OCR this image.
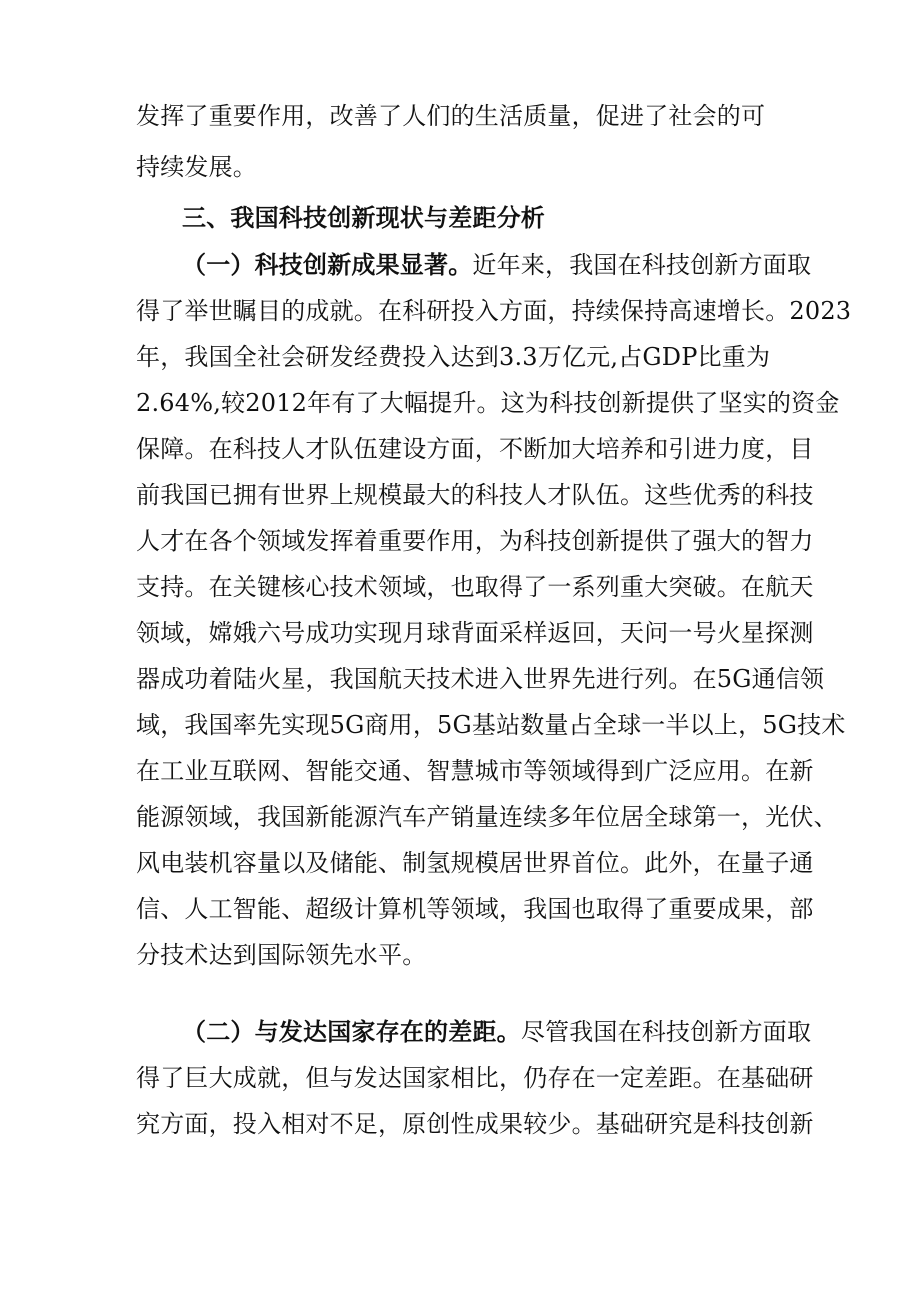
发挥了重要作用，改善了人们的生活质量，促进了社会的可
持续发展。
三、我国科技创新现状与差距分析
（一）科技创新成果显著。近年来，我国在科技创新方面取
得了举世瞩目的成就。在科研投入方面，持续保持高速增长。2023
年，我国全社会研发经费投入达到3.3万亿元,占GDP比重为
2.64%,较2012年有了大幅提升。这为科技创新提供了坚实的资金
保障。在科技人才队伍建设方面，不断加大培养和引进力度，目
前我国已拥有世界上规模最大的科技人才队伍。这些优秀的科技
人才在各个领域发挥着重要作用，为科技创新提供了强大的智力
支持。在关键核心技术领域，也取得了一系列重大突破。在航天
领域，嫦娥六号成功实现月球背面采样返回，天问一号火星探测
器成功着陆火星，我国航天技术进入世界先进行列。在5G通信领
域，我国率先实现5G商用，5G基站数量占全球一半以上，5G技术
在工业互联网、智能交通、智慧城市等领域得到广泛应用。在新
能源领域，我国新能源汽车产销量连续多年位居全球第一，光伏、
风电装机容量以及储能、制氢规模居世界首位。此外，在量子通
信、人工智能、超级计算机等领域，我国也取得了重要成果，部
分技术达到国际领先水平。
（二）与发达国家存在的差距。尽管我国在科技创新方面取
得了巨大成就，但与发达国家相比，仍存在一定差距。在基础研
究方面，投入相对不足，原创性成果较少。基础研究是科技创新
